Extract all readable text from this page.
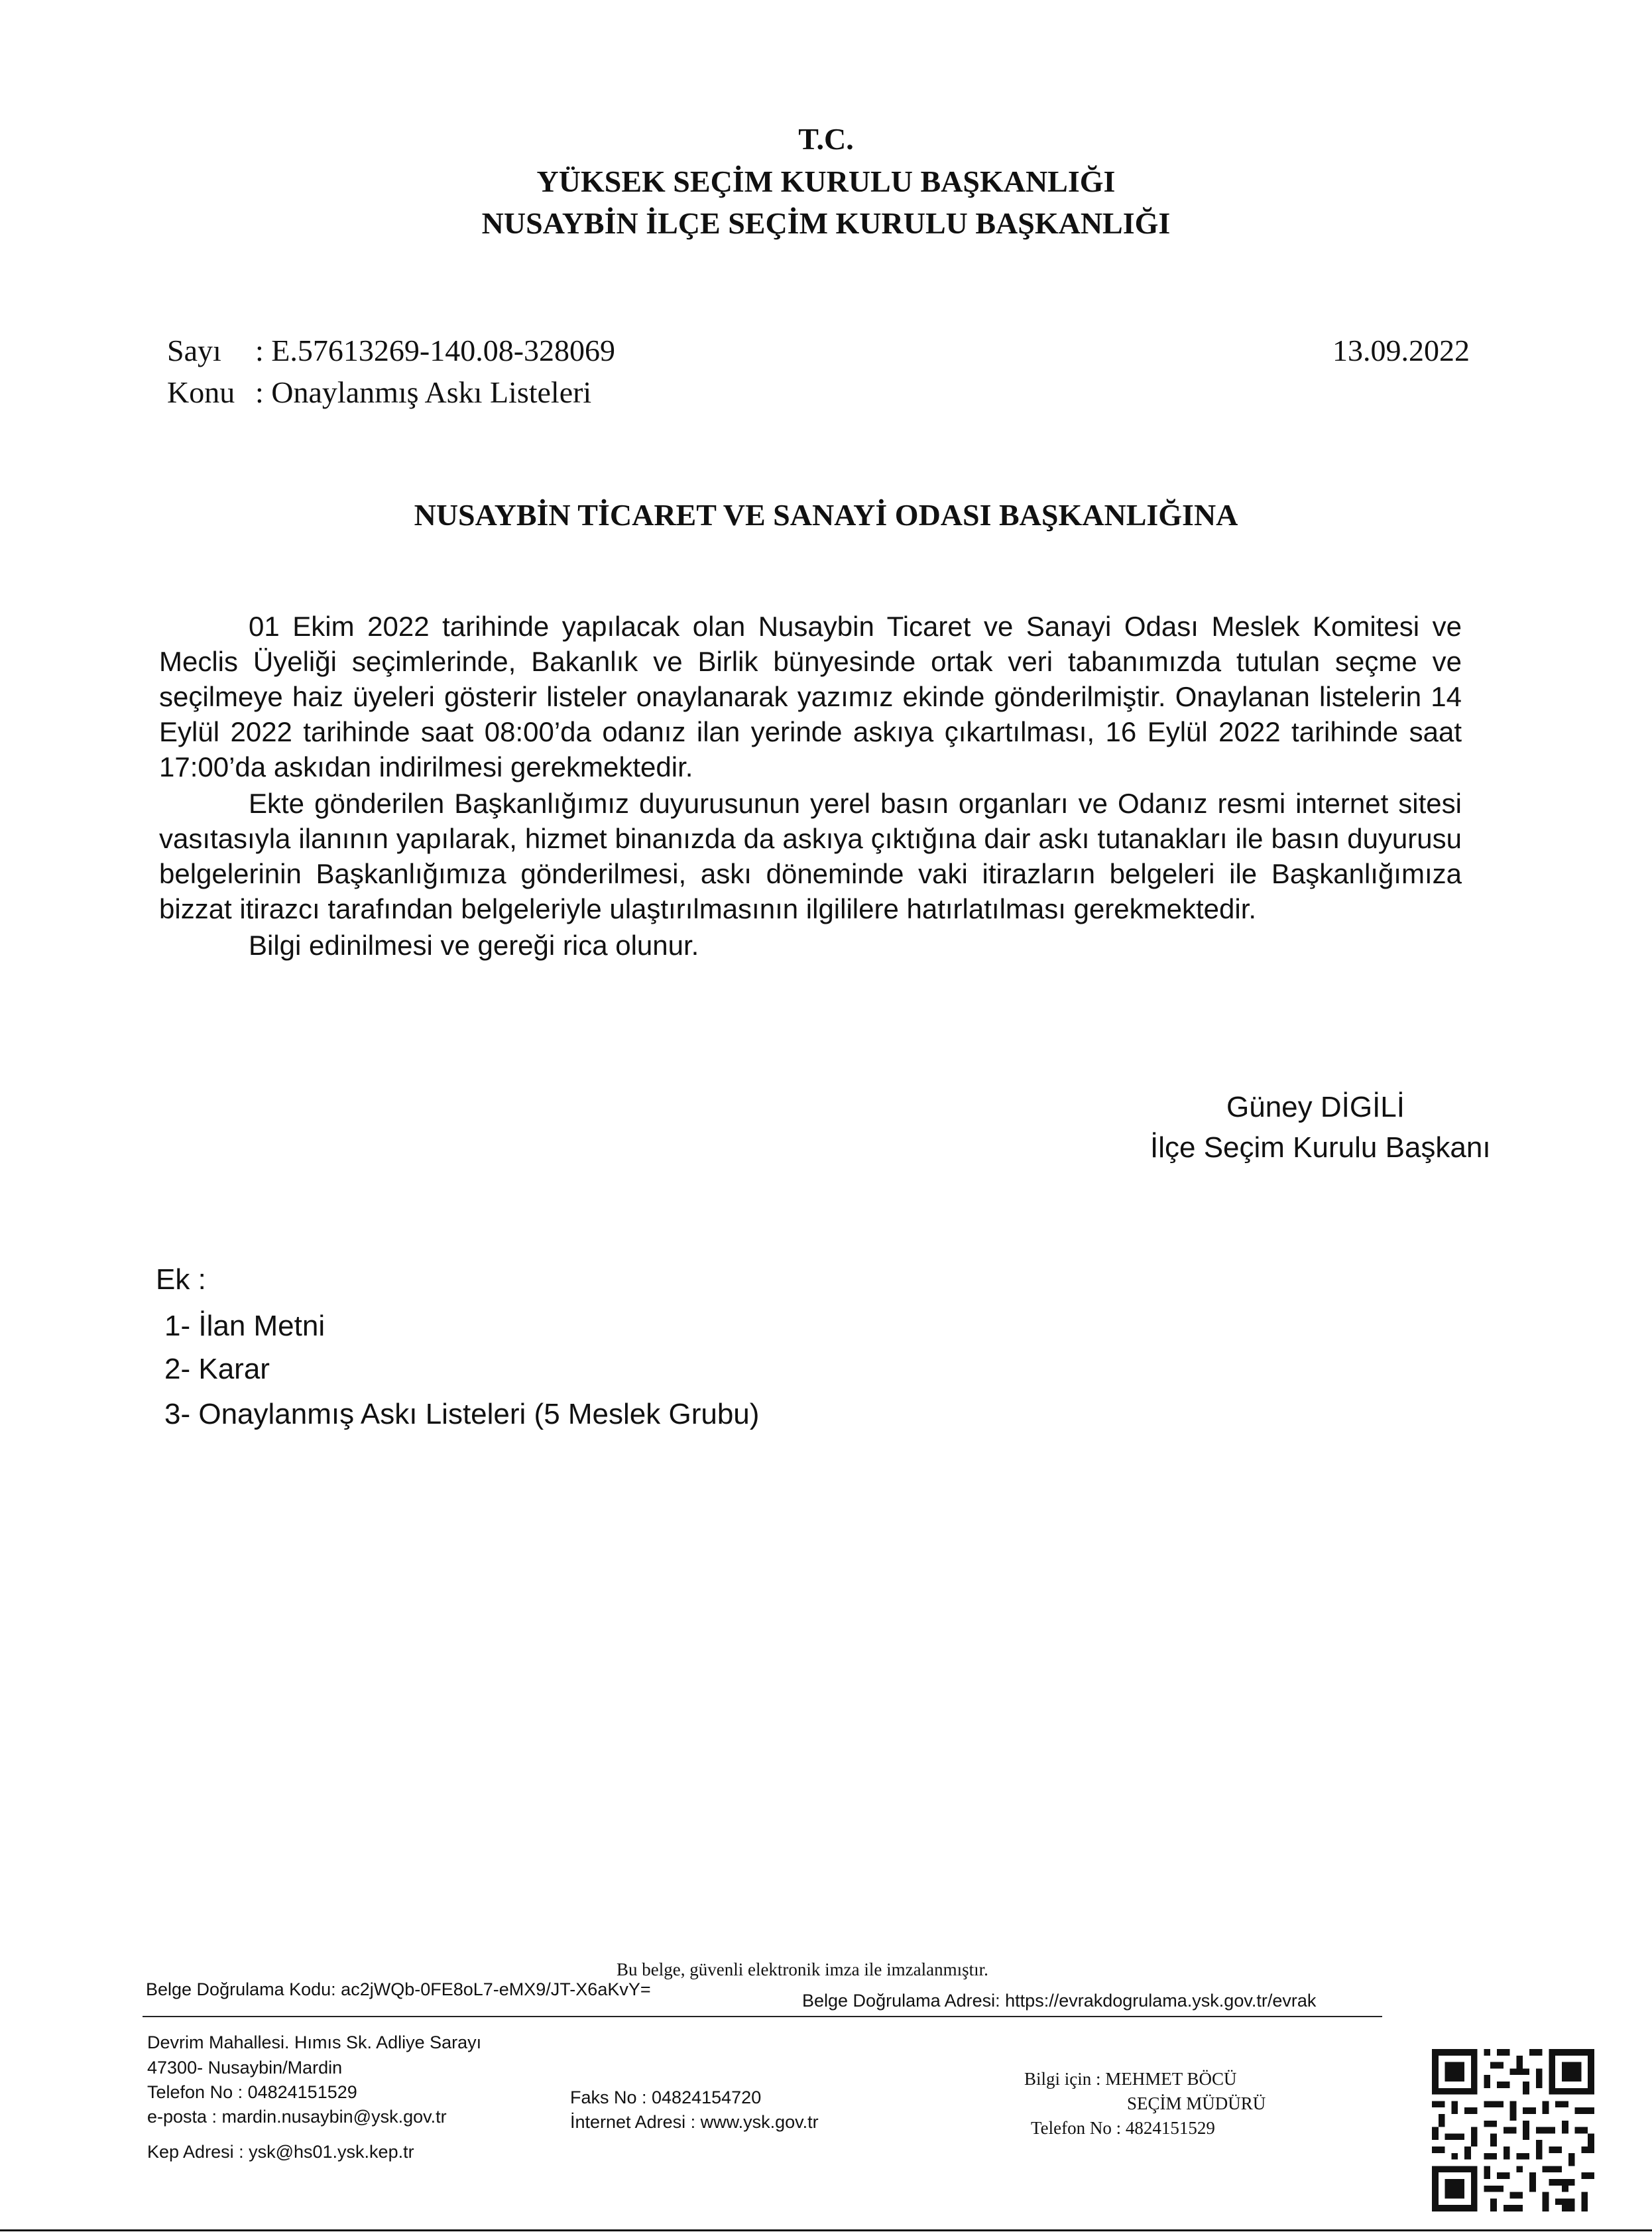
T.C.
YÜKSEK SEÇİM KURULU BAŞKANLIĞI
NUSAYBİN İLÇE SEÇİM KURULU BAŞKANLIĞI
Sayı : E.57613269-140.08-328069	13.09.2022
Konu : Onaylanmış Askı Listeleri
NUSAYBİN TİCARET VE SANAYİ ODASI BAŞKANLIĞINA

01 Ekim 2022 tarihinde yapılacak olan Nusaybin Ticaret ve Sanayi Odası Meslek Komitesi ve Meclis Üyeliği seçimlerinde, Bakanlık ve Birlik bünyesinde ortak veri tabanımızda tutulan seçme ve seçilmeye haiz üyeleri gösterir listeler onaylanarak yazımız ekinde gönderilmiştir. Onaylanan listelerin 14 Eylül 2022 tarihinde saat 08:00’da odanız ilan yerinde askıya çıkartılması, 16 Eylül 2022 tarihinde saat 17:00’da askıdan indirilmesi gerekmektedir.

Ekte gönderilen Başkanlığımız duyurusunun yerel basın organları ve Odanız resmi internet sitesi vasıtasıyla ilanının yapılarak, hizmet binanızda da askıya çıktığına dair askı tutanakları ile basın duyurusu belgelerinin Başkanlığımıza gönderilmesi, askı döneminde vaki itirazların belgeleri ile Başkanlığımıza bizzat itirazcı tarafından belgeleriyle ulaştırılmasının ilgililere hatırlatılması gerekmektedir.

Bilgi edinilmesi ve gereği rica olunur.

Güney DİGİLİ
İlçe Seçim Kurulu Başkanı
Ek :
1- İlan Metni
2- Karar
3- Onaylanmış Askı Listeleri (5 Meslek Grubu)
Bu belge, güvenli elektronik imza ile imzalanmıştır.
Belge Doğrulama Kodu: ac2jWQb-0FE8oL7-eMX9/JT-X6aKvY=
Belge Doğrulama Adresi: https://evrakdogrulama.ysk.gov.tr/evrak
Devrim Mahallesi. Hımıs Sk. Adliye Sarayı
47300- Nusaybin/Mardin
Telefon No : 04824151529
e-posta : mardin.nusaybin@ysk.gov.tr
Kep Adresi : ysk@hs01.ysk.kep.tr
Faks No : 04824154720
İnternet Adresi : www.ysk.gov.tr
Bilgi için : MEHMET BÖCÜ
SEÇİM MÜDÜRÜ
Telefon No : 4824151529
